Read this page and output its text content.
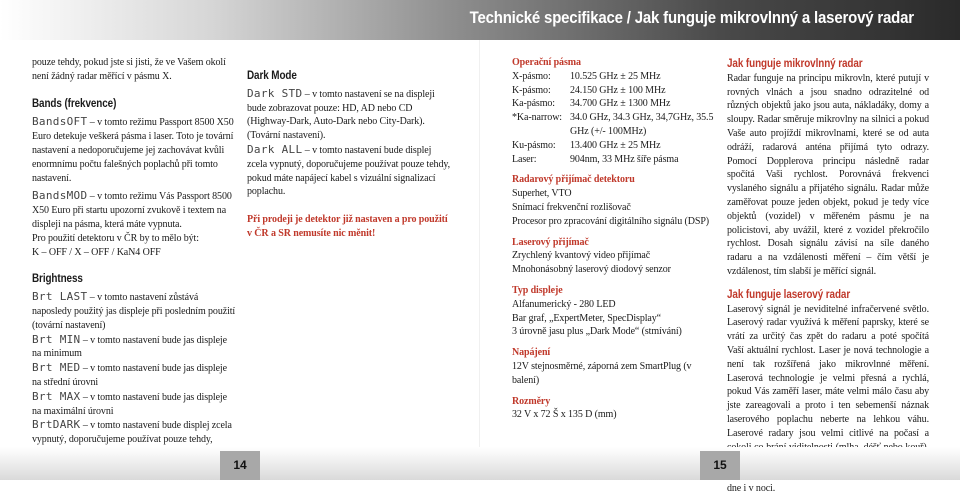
Technické specifikace / Jak funguje mikrovlnný a laserový radar

pouze tehdy, pokud jste si jisti, že ve Vašem okolí není žádný radar měřící v pásmu X.

Bands (frekvence)

BandsOFT – v tomto režimu Passport 8500 X50 Euro detekuje veškerá pásma i laser. Toto je tovární nastavení a nedoporučujeme jej zachovávat kvůli enormnímu počtu falešných poplachů při tomto nastavení.

BandsMOD – v tomto režimu Vás Passport 8500 X50 Euro při startu upozorní zvukově i textem na displeji na pásma, která máte vypnuta.

Pro použití detektoru v ČR by to mělo být:

K – OFF / X – OFF / KaN4 OFF

Brightness

Brt LAST – v tomto nastavení zůstává naposledy použitý jas displeje při posledním použití (tovární nastavení)

Brt MIN – v tomto nastavení bude jas displeje na minimum

Brt MED – v tomto nastavení bude jas displeje na střední úrovni

Brt MAX – v tomto nastavení bude jas displeje na maximální úrovni

BrtDARK – v tomto nastavení bude displej zcela vypnutý, doporučujeme používat pouze tehdy,

Dark Mode

Dark STD – v tomto nastavení se na displeji bude zobrazovat pouze: HD, AD nebo CD (Highway-Dark, Auto-Dark nebo City-Dark). (Tovární nastavení).

Dark ALL – v tomto nastavení bude displej zcela vypnutý, doporučujeme používat pouze tehdy, pokud máte napájecí kabel s vizuální signalizací poplachu.

Při prodeji je detektor již nastaven a pro použití v ČR a SR nemusíte nic měnit!

Operační pásma

X-pásmo:	10.525 GHz ± 25 MHz
K-pásmo:	24.150 GHz ± 100 MHz
Ka-pásmo:	34.700 GHz ± 1300 MHz
*Ka-narrow:	34.0 GHz, 34.3 GHz, 34,7GHz, 35.5 GHz (+/- 100MHz)
Ku-pásmo:	13.400 GHz ± 25 MHz
Laser:	904nm, 33 MHz šíře pásma

Radarový přijímač detektoru

Superhet, VTO

Snímací frekvenční rozlišovač

Procesor pro zpracování digitálního signálu (DSP)

Laserový přijímač

Zrychlený kvantový video přijímač

Mnohonásobný laserový diodový senzor

Typ displeje

Alfanumerický - 280 LED

Bar graf, „ExpertMeter, SpecDisplay“

3 úrovně jasu plus „Dark Mode“ (stmívání)

Napájení

12V stejnosměrné, záporná zem SmartPlug (v balení)

Rozměry

32 V x 72 Š x 135 D (mm)

Jak funguje mikrovlnný radar

Radar funguje na principu mikrovln, které putují v rovných vlnách a jsou snadno odrazitelné od různých objektů jako jsou auta, nákladáky, domy a sloupy. Radar směruje mikrovlny na silnici a pokud Vaše auto projíždí mikrovlnami, které se od auta odráží, radarová anténa přijímá tyto odrazy. Pomocí Dopplerova principu následně radar spočítá Vaši rychlost. Porovnává frekvenci vyslaného signálu a přijatého signálu. Radar může zaměřovat pouze jeden objekt, pokud je tedy více objektů (vozidel) v měřeném pásmu je na policistovi, aby uvážil, které z vozidel překročilo rychlost. Dosah signálu závisí na síle daného radaru a na vzdálenosti měření – čím větší je vzdálenost, tím slabší je měřící signál.

Jak funguje laserový radar

Laserový signál je neviditelné infračervené světlo. Laserový radar využívá k měření paprsky, které se vrátí za určitý čas zpět do radaru a poté spočítá Vaší aktuální rychlost. Laser je nová technologie a není tak rozšířená jako mikrovlnné měření. Laserová technologie je velmi přesná a rychlá, pokud Vás zaměří laser, máte velmi málo času aby jste zareagovali a proto i ten sebemenší náznak laserového poplachu neberte na lehkou váhu. Laserové radary jsou velmi citlivé na počasí a dne i v noci.

14	15
